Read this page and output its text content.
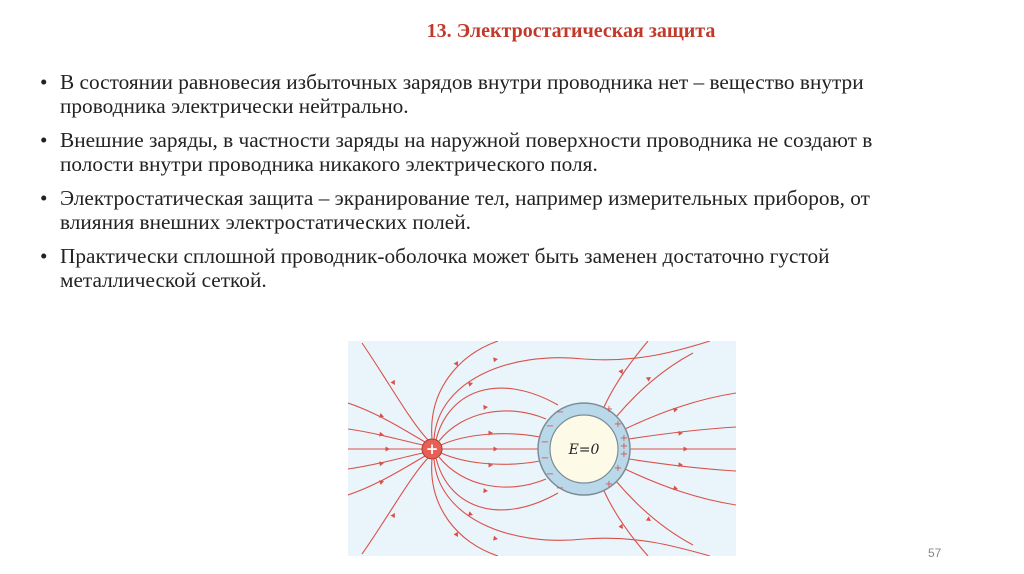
13. Электростатическая защита
• В состоянии равновесия избыточных зарядов внутри проводника нет – вещество внутри проводника электрически нейтрально.
• Внешние заряды, в частности заряды на наружной поверхности проводника не создают в полости внутри проводника никакого электрического поля.
• Электростатическая защита – экранирование тел, например измерительных приборов, от влияния внешних электростатических полей.
• Практически сплошной проводник-оболочка может быть заменен достаточно густой металлической сеткой.
E=0
−
−
−
−
−
−
+
+
+
+
+
+
+
+
57
